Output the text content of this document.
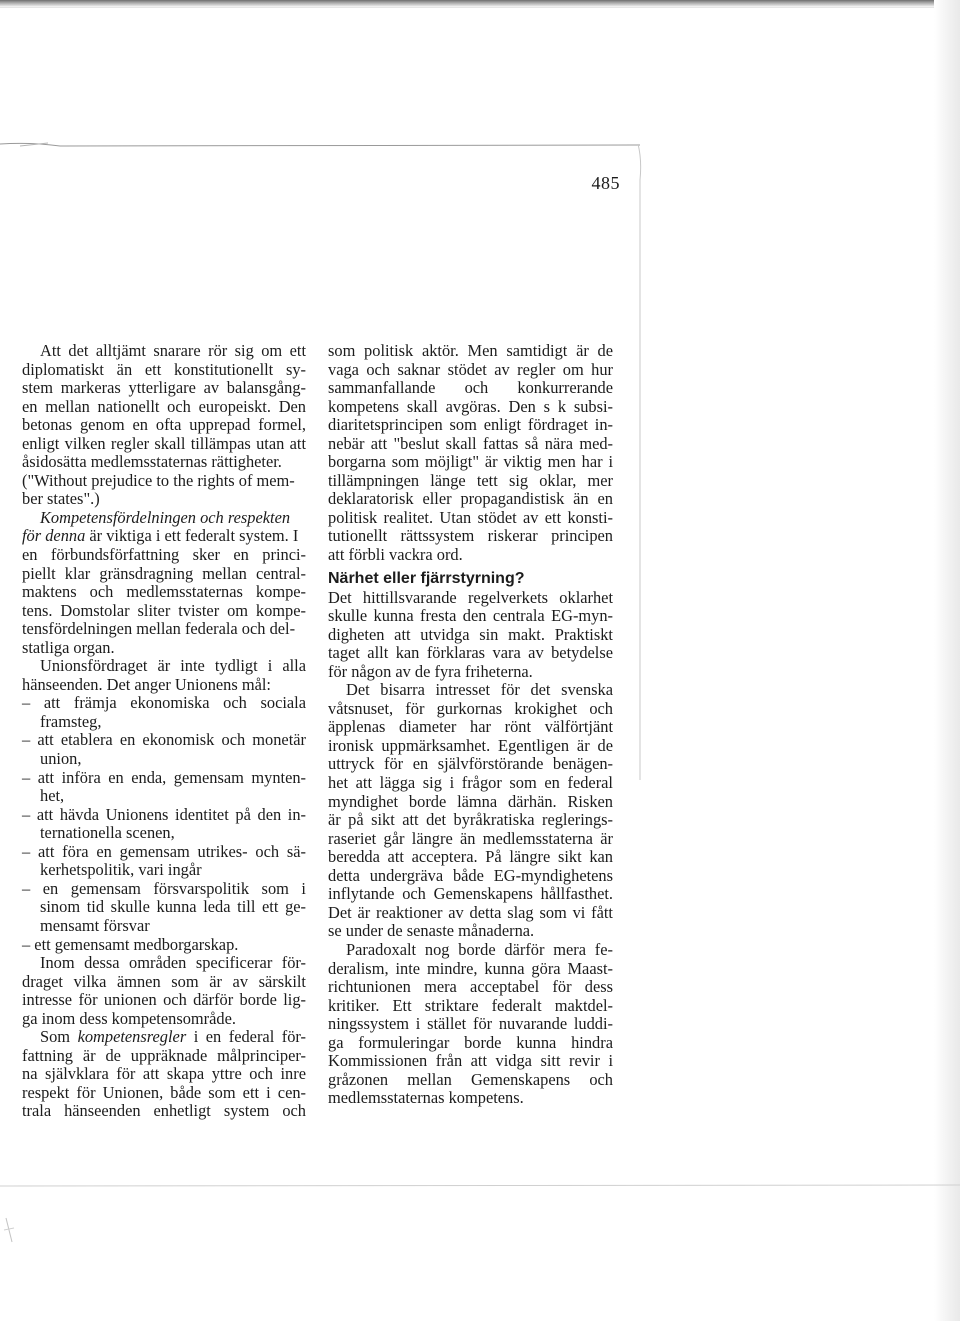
485
Att det alltjämt snarare rör sig om ett
diplomatiskt än ett konstitutionellt sy-
stem markeras ytterligare av balansgång-
en mellan nationellt och europeiskt. Den
betonas genom en ofta upprepad formel,
enligt vilken regler skall tillämpas utan att
åsidosätta medlemsstaternas rättigheter.
("Without prejudice to the rights of mem-
ber states".)
Kompetensfördelningen och respekten
för denna är viktiga i ett federalt system. I
en förbundsförfattning sker en princi-
piellt klar gränsdragning mellan central-
maktens och medlemsstaternas kompe-
tens. Domstolar sliter tvister om kompe-
tensfördelningen mellan federala och del-
statliga organ.
Unionsfördraget är inte tydligt i alla
hänseenden. Det anger Unionens mål:
– att främja ekonomiska och sociala
framsteg,
– att etablera en ekonomisk och monetär
union,
– att införa en enda, gemensam mynten-
het,
– att hävda Unionens identitet på den in-
ternationella scenen,
– att föra en gemensam utrikes- och sä-
kerhetspolitik, vari ingår
– en gemensam försvarspolitik som i
sinom tid skulle kunna leda till ett ge-
mensamt försvar
– ett gemensamt medborgarskap.
Inom dessa områden specificerar för-
draget vilka ämnen som är av särskilt
intresse för unionen och därför borde lig-
ga inom dess kompetensområde.
Som kompetensregler i en federal för-
fattning är de uppräknade målprinciper-
na självklara för att skapa yttre och inre
respekt för Unionen, både som ett i cen-
trala hänseenden enhetligt system och
som politisk aktör. Men samtidigt är de
vaga och saknar stödet av regler om hur
sammanfallande och konkurrerande
kompetens skall avgöras. Den s k subsi-
diaritetsprincipen som enligt fördraget in-
nebär att "beslut skall fattas så nära med-
borgarna som möjligt" är viktig men har i
tillämpningen länge tett sig oklar, mer
deklaratorisk eller propagandistisk än en
politisk realitet. Utan stödet av ett konsti-
tutionellt rättssystem riskerar principen
att förbli vackra ord.
Närhet eller fjärrstyrning?
Det hittillsvarande regelverkets oklarhet
skulle kunna fresta den centrala EG-myn-
digheten att utvidga sin makt. Praktiskt
taget allt kan förklaras vara av betydelse
för någon av de fyra friheterna.
Det bisarra intresset för det svenska
våtsnuset, för gurkornas krokighet och
äpplenas diameter har rönt välförtjänt
ironisk uppmärksamhet. Egentligen är de
uttryck för en självförstörande benägen-
het att lägga sig i frågor som en federal
myndighet borde lämna därhän. Risken
är på sikt att det byråkratiska reglerings-
raseriet går längre än medlemsstaterna är
beredda att acceptera. På längre sikt kan
detta undergräva både EG-myndighetens
inflytande och Gemenskapens hållfasthet.
Det är reaktioner av detta slag som vi fått
se under de senaste månaderna.
Paradoxalt nog borde därför mera fe-
deralism, inte mindre, kunna göra Maast-
richtunionen mera acceptabel för dess
kritiker. Ett striktare federalt maktdel-
ningssystem i stället för nuvarande luddi-
ga formuleringar borde kunna hindra
Kommissionen från att vidga sitt revir i
gråzonen mellan Gemenskapens och
medlemsstaternas kompetens.
